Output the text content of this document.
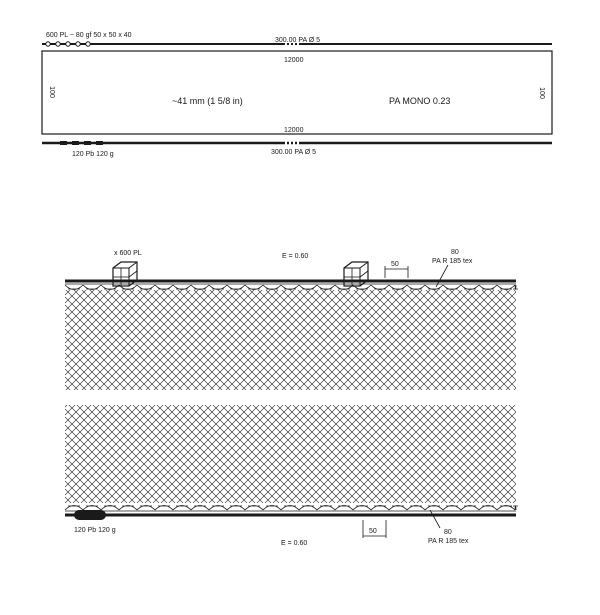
600 PL ~ 80 gf 50 x 50 x 40
300.00 PA Ø 5
12000
100	100
~41 mm (1 5/8 in)	PA MONO 0.23
12000
120 Pb 120 g	300.00 PA Ø 5
x 600 PL	E = 0.60
80
PA R 185 tex
50
120 Pb 120 g
E = 0.60
50	80
PA R 185 tex
